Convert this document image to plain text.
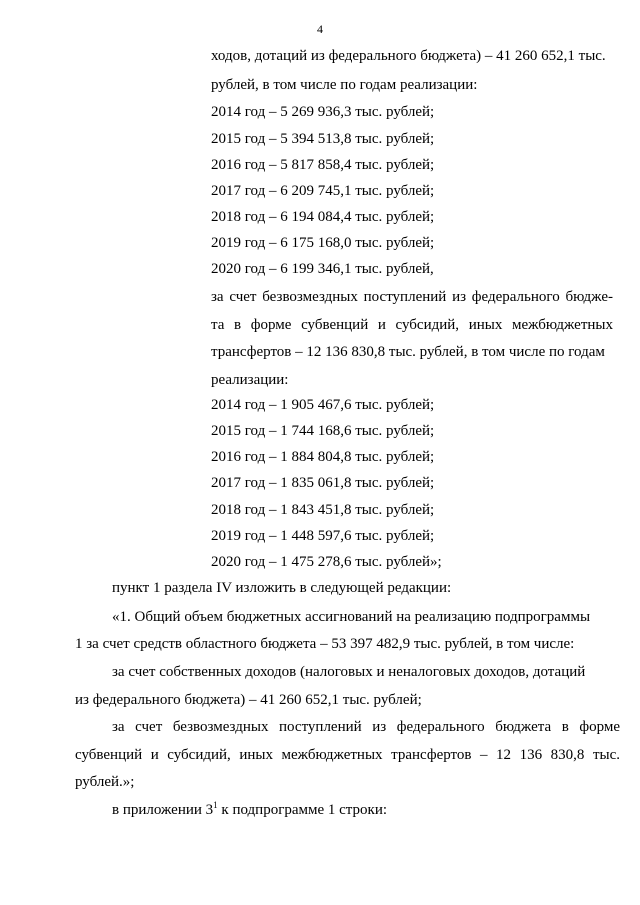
4
ходов, дотаций из федерального бюджета) – 41 260 652,1 тыс.
рублей, в том числе по годам реализации:
2014 год – 5 269 936,3 тыс. рублей;
2015 год – 5 394 513,8 тыс. рублей;
2016 год – 5 817 858,4 тыс. рублей;
2017 год – 6 209 745,1 тыс. рублей;
2018 год – 6 194 084,4 тыс. рублей;
2019 год – 6 175 168,0 тыс. рублей;
2020 год – 6 199 346,1 тыс. рублей,
за счет безвозмездных поступлений из федерального бюдже-
та в форме субвенций и субсидий, иных межбюджетных
трансфертов – 12 136 830,8 тыс. рублей, в том числе по годам
реализации:
2014 год – 1 905 467,6 тыс. рублей;
2015 год – 1 744 168,6 тыс. рублей;
2016 год – 1 884 804,8 тыс. рублей;
2017 год – 1 835 061,8 тыс. рублей;
2018 год – 1 843 451,8 тыс. рублей;
2019 год – 1 448 597,6 тыс. рублей;
2020 год – 1 475 278,6 тыс. рублей»;
пункт 1 раздела IV изложить в следующей редакции:
«1. Общий объем бюджетных ассигнований на реализацию подпрограммы
1 за счет средств областного бюджета – 53 397 482,9 тыс. рублей, в том числе:
за счет собственных доходов (налоговых и неналоговых доходов, дотаций
из федерального бюджета) – 41 260 652,1 тыс. рублей;
за счет безвозмездных поступлений из федерального бюджета в форме
субвенций и субсидий, иных межбюджетных трансфертов – 12 136 830,8 тыс.
рублей.»;
в приложении $3^1$ к подпрограмме 1 строки:
